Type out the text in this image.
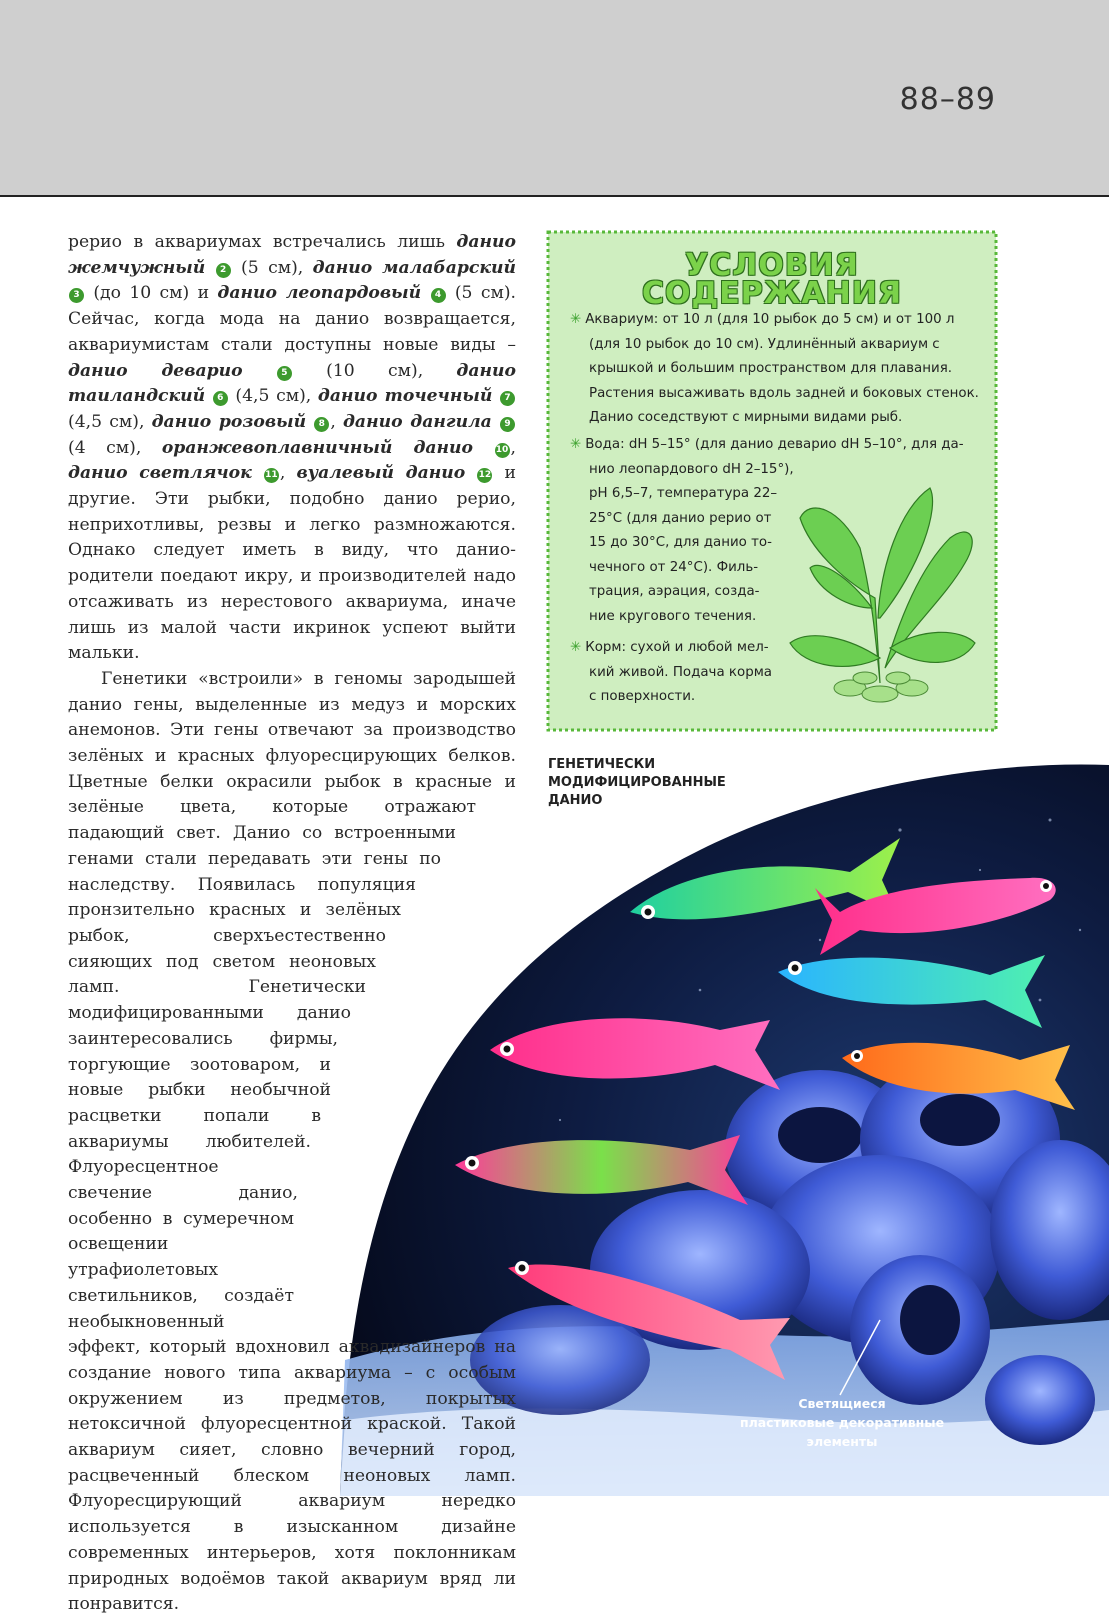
88–89

рерио в аквариумах встречались лишь данио жемчужный 2 (5 см), данио малабарский 3 (до 10 см) и данио леопардовый 4 (5 см). Сейчас, когда мода на данио возвращается, аквариумистам стали доступны новые виды – данио деварио	5 (10 см), данио таиландский 6 (4,5 см), данио точечный 7 (4,5 см), данио розовый 8 , данио дангила 9 (4 см), оранжевоплавничный данио	10 , данио светлячок 11 , вуалевый данио 12 и другие. Эти рыбки, подобно данио рерио, неприхотливы, резвы и легко размножаются. Однако следует иметь в виду, что данио-родители поедают икру, и производителей надо отсаживать из нерестового аквариума, иначе лишь из малой части икринок успеют выйти мальки.

Генетики «встроили» в геномы зародышей данио гены, выделенные из медуз и морских анемонов. Эти гены отвечают за производство зелёных и красных флуоресцирующих белков. Цветные белки окрасили рыбок в красные и зелёные цвета, которые отражают падающий свет. Данио со встроенными генами стали передавать эти гены по наследству. Появилась популяция пронзительно красных и зелёных рыбок, сверхъестественно сияющих под светом неоновых ламп. Генетически модифицированными данио заинтересовались фирмы, торгующие зоотоваром, и новые рыбки необычной расцветки попали в аквариумы любителей. Флуоресцентное свечение данио, особенно в сумеречном освещении утрафиолетовых светильников, создаёт необыкновенный эффект, который вдохновил аквадизайнеров на создание нового типа аквариума – с особым окружением из предметов, покрытых нетоксичной флуоресцентной краской. Такой аквариум сияет, словно вечерний город, расцвеченный блеском неоновых ламп. Флуоресцирующий аквариум нередко используется в изысканном дизайне современных интерьеров, хотя поклонникам природных водоёмов такой аквариум вряд ли понравится.

УСЛОВИЯ
СОДЕРЖАНИЯ
✳ Аквариум: от 10 л (для 10 рыбок до 5 см) и от 100 л
(для 10 рыбок до 10 см). Удлинённый аквариум с
крышкой и большим пространством для плавания.
Растения высаживать вдоль задней и боковых стенок.
Данио соседствуют с мирными видами рыб.
✳ Вода: dH 5–15° (для данио деварио dH 5–10°, для да-
нио леопардового dH 2–15°),
pH 6,5–7, температура 22–
25°С (для данио рерио от
15 до 30°С, для данио то-
чечного от 24°С). Филь-
трация, аэрация, созда-
ние кругового течения.
✳ Корм: сухой и любой мел-
кий живой. Подача корма
с поверхности.
ГЕНЕТИЧЕСКИ
МОДИФИЦИРОВАННЫЕ
ДАНИО
Светящиеся
пластиковые декоративные
элементы
